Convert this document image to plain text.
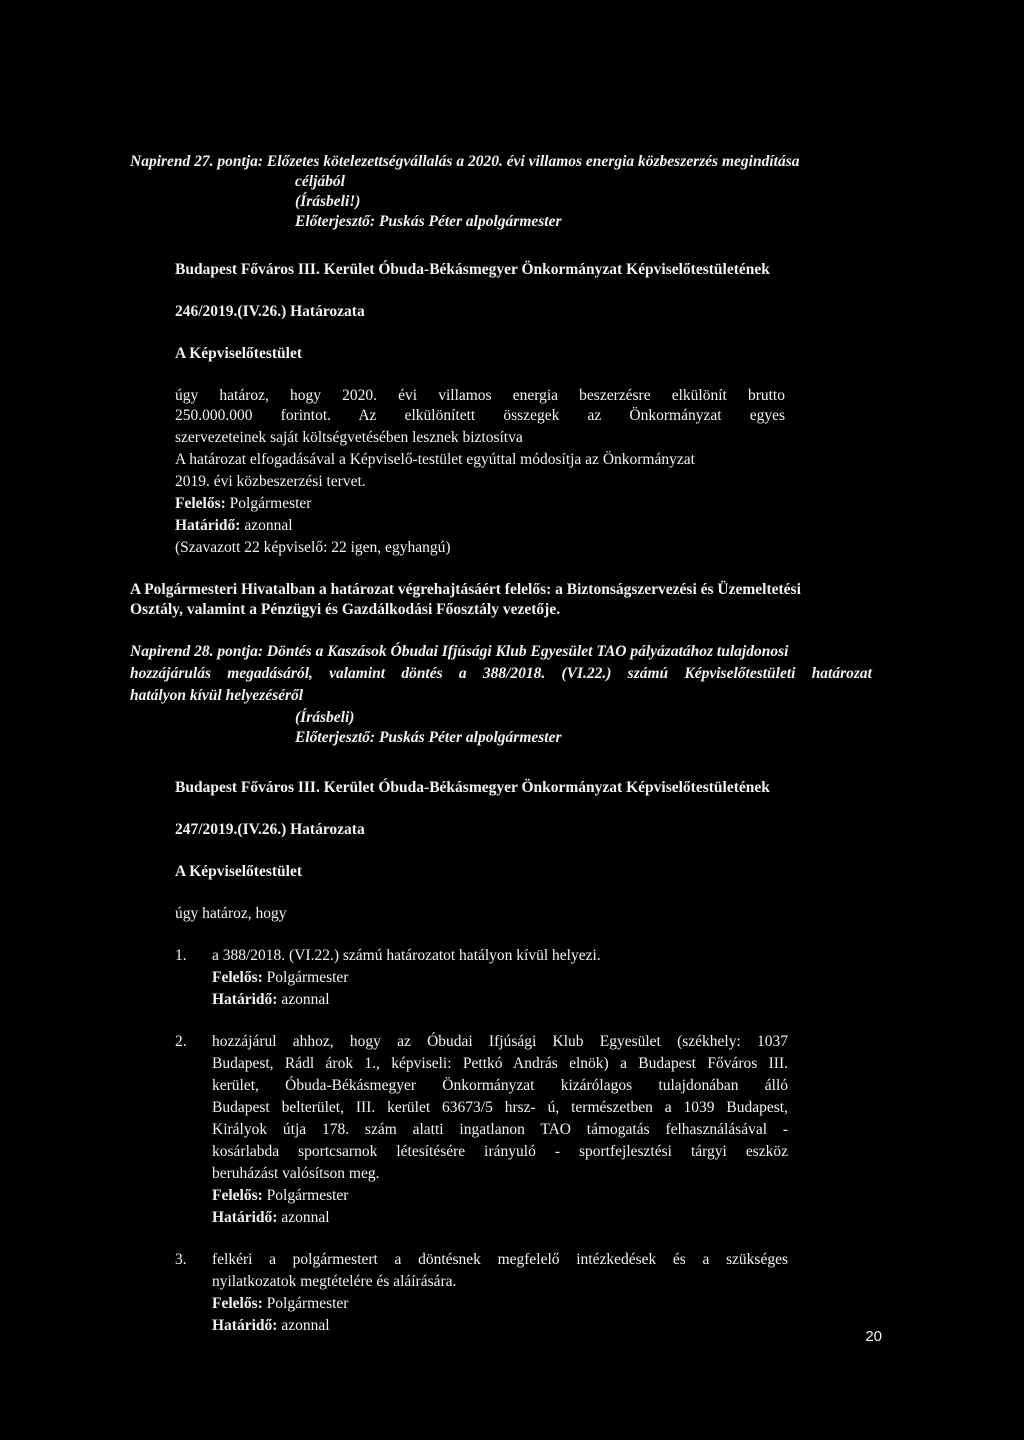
Napirend 27. pontja: Előzetes kötelezettségvállalás a 2020. évi villamos energia közbeszerzés megindítása
céljából
(Írásbeli!)
Előterjesztő: Puskás Péter alpolgármester
Budapest Főváros III. Kerület Óbuda-Békásmegyer Önkormányzat Képviselőtestületének
246/2019.(IV.26.) Határozata
A Képviselőtestület
úgy határoz, hogy 2020. évi villamos energia beszerzésre elkülönít brutto
250.000.000 forintot. Az elkülönített összegek az Önkormányzat egyes
szervezeteinek saját költségvetésében lesznek biztosítva
A határozat elfogadásával a Képviselő-testület egyúttal módosítja az Önkormányzat
2019. évi közbeszerzési tervet.
Felelős: Polgármester
Határidő: azonnal
(Szavazott 22 képviselő: 22 igen, egyhangú)
A Polgármesteri Hivatalban a határozat végrehajtásáért felelős: a Biztonságszervezési és Üzemeltetési
Osztály, valamint a Pénzügyi és Gazdálkodási Főosztály vezetője.
Napirend 28. pontja: Döntés a Kaszások Óbudai Ifjúsági Klub Egyesület TAO pályázatához tulajdonosi
hozzájárulás megadásáról, valamint döntés a 388/2018. (VI.22.) számú Képviselőtestületi határozat
hatályon kívül helyezéséről
(Írásbeli)
Előterjesztő: Puskás Péter alpolgármester
Budapest Főváros III. Kerület Óbuda-Békásmegyer Önkormányzat Képviselőtestületének
247/2019.(IV.26.) Határozata
A Képviselőtestület
úgy határoz, hogy
1. a 388/2018. (VI.22.) számú határozatot hatályon kívül helyezi.
Felelős: Polgármester
Határidő: azonnal
2. hozzájárul ahhoz, hogy az Óbudai Ifjúsági Klub Egyesület (székhely: 1037
Budapest, Rádl árok 1., képviseli: Pettkó András elnök) a Budapest Főváros III.
kerület, Óbuda-Békásmegyer Önkormányzat kizárólagos tulajdonában álló
Budapest belterület, III. kerület 63673/5 hrsz- ú, természetben a 1039 Budapest,
Királyok útja 178. szám alatti ingatlanon TAO támogatás felhasználásával -
kosárlabda sportcsarnok létesítésére irányuló - sportfejlesztési tárgyi eszköz
beruházást valósítson meg.
Felelős: Polgármester
Határidő: azonnal
3. felkéri a polgármestert a döntésnek megfelelő intézkedések és a szükséges
nyilatkozatok megtételére és aláírására.
Felelős: Polgármester
Határidő: azonnal
20
